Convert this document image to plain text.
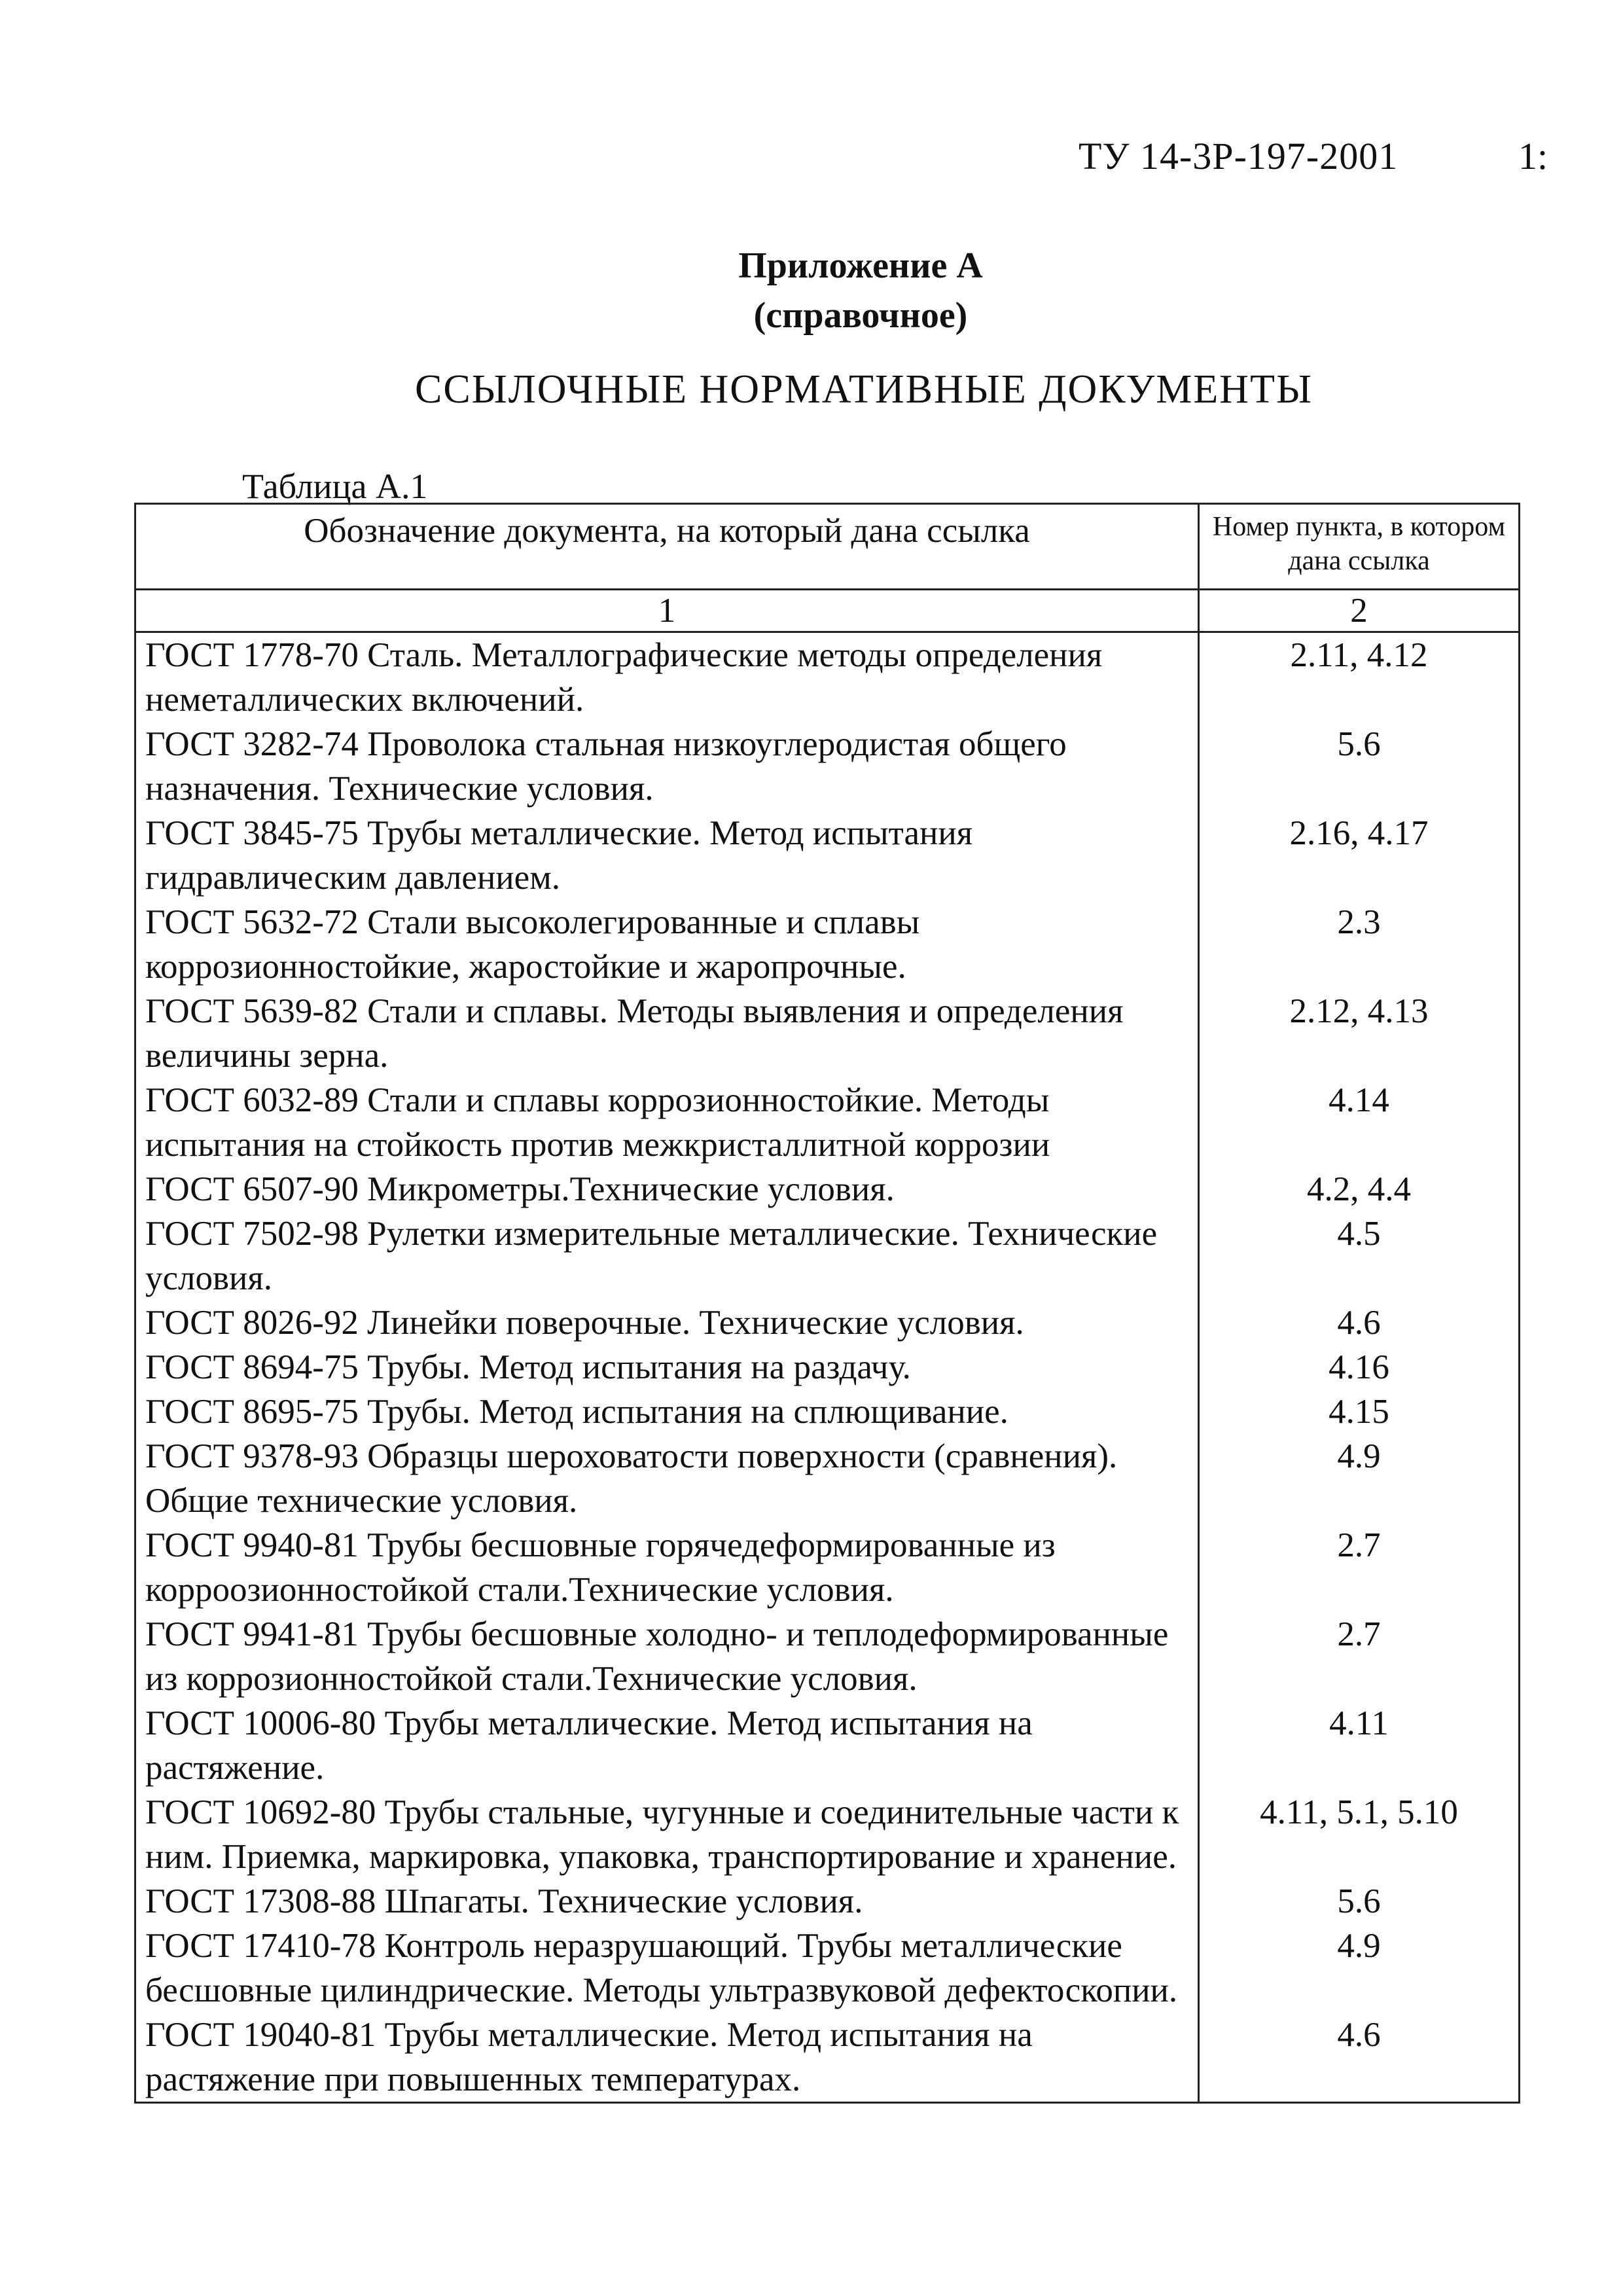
ТУ 14-3Р-197-2001	1:
Приложение А
(справочное)
ССЫЛОЧНЫЕ НОРМАТИВНЫЕ ДОКУМЕНТЫ
Таблица А.1
Обозначение документа, на который дана ссылка	Номер пункта, в котором дана ссылка
1	2
ГОСТ 1778-70 Сталь. Металлографические методы определения неметаллических включений.	2.11, 4.12
ГОСТ 3282-74 Проволока стальная низкоуглеродистая общего назначения. Технические условия.	5.6
ГОСТ 3845-75 Трубы металлические. Метод испытания гидравлическим давлением.	2.16, 4.17
ГОСТ 5632-72 Стали высоколегированные и сплавы коррозионностойкие, жаростойкие и жаропрочные.	2.3
ГОСТ 5639-82 Стали и сплавы. Методы выявления и определения величины зерна.	2.12, 4.13
ГОСТ 6032-89 Стали и сплавы коррозионностойкие. Методы испытания на стойкость против межкристаллитной коррозии	4.14
ГОСТ 6507-90 Микрометры.Технические условия.	4.2, 4.4
ГОСТ 7502-98 Рулетки измерительные металлические. Технические условия.	4.5
ГОСТ 8026-92 Линейки поверочные. Технические условия.	4.6
ГОСТ 8694-75 Трубы. Метод испытания на раздачу.	4.16
ГОСТ 8695-75 Трубы. Метод испытания на сплющивание.	4.15
ГОСТ 9378-93 Образцы шероховатости поверхности (сравнения). Общие технические условия.	4.9
ГОСТ 9940-81 Трубы бесшовные горячедеформированные из корроозионностойкой стали.Технические условия.	2.7
ГОСТ 9941-81 Трубы бесшовные холодно- и теплодеформированные из коррозионностойкой стали.Технические условия.	2.7
ГОСТ 10006-80 Трубы металлические. Метод испытания на растяжение.	4.11
ГОСТ 10692-80 Трубы стальные, чугунные и соединительные части к ним. Приемка, маркировка, упаковка, транспортирование и хранение.	4.11, 5.1, 5.10
ГОСТ 17308-88 Шпагаты. Технические условия.	5.6
ГОСТ 17410-78 Контроль неразрушающий. Трубы металлические бесшовные цилиндрические. Методы ультразвуковой дефектоскопии.	4.9
ГОСТ 19040-81 Трубы металлические. Метод испытания на растяжение при повышенных температурах.	4.6
